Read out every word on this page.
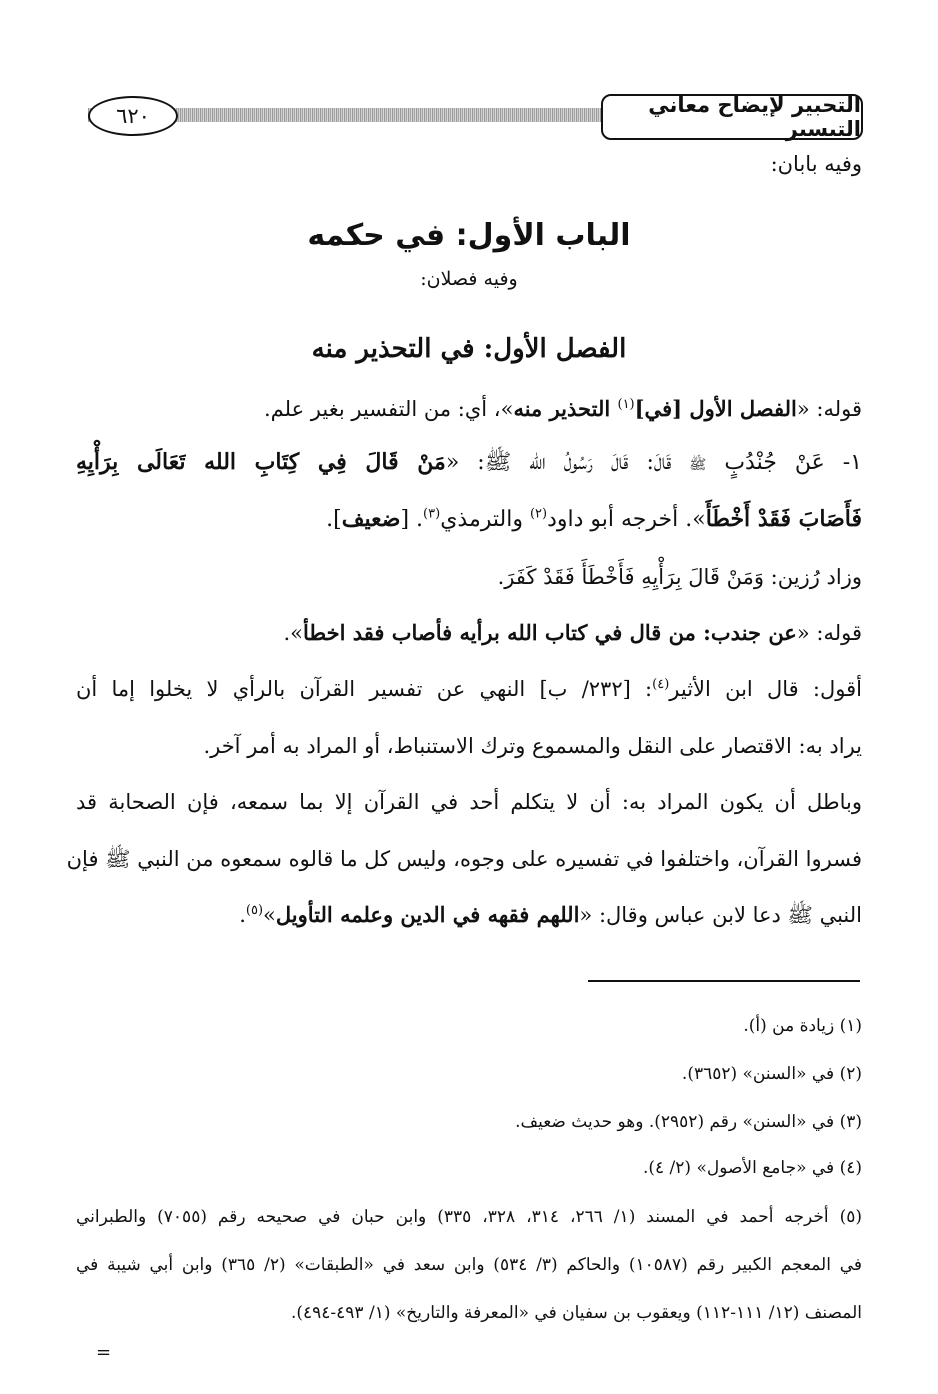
التحبير لإيضاح معاني التيسير
٦٢٠
وفيه بابان:
الباب الأول: في حكمه
وفيه فصلان:
الفصل الأول: في التحذير منه
قوله: «الفصل الأول [في]$^{(١)}$ التحذير منه»، أي: من التفسير بغير علم.
١- عَنْ جُنْدُبٍ ﷺ قَالَ: قَالَ رَسُولُ الله ﷺ: «مَنْ قَالَ فِي كِتَابِ الله تَعَالَى بِرَأْيِهِ
فَأَصَابَ فَقَدْ أَخْطَأَ». أخرجه أبو داود$^{(٢)}$ والترمذي$^{(٣)}$. [ضعيف].
وزاد رُزين: وَمَنْ قَالَ بِرَأْيِهِ فَأَخْطَأَ فَقَدْ كَفَرَ.
قوله: «عن جندب: من قال في كتاب الله برأيه فأصاب فقد اخطأ».
أقول: قال ابن الأثير$^{(٤)}$: [٢٣٢/ ب] النهي عن تفسير القرآن بالرأي لا يخلوا إما أن
يراد به: الاقتصار على النقل والمسموع وترك الاستنباط، أو المراد به أمر آخر.
وباطل أن يكون المراد به: أن لا يتكلم أحد في القرآن إلا بما سمعه، فإن الصحابة قد
فسروا القرآن، واختلفوا في تفسيره على وجوه، وليس كل ما قالوه سمعوه من النبي ﷺ فإن
النبي ﷺ دعا لابن عباس وقال: «اللهم فقهه في الدين وعلمه التأويل»$^{(٥)}$.
(١) زيادة من (أ).
(٢) في «السنن» (٣٦٥٢).
(٣) في «السنن» رقم (٢٩٥٢). وهو حديث ضعيف.
(٤) في «جامع الأصول» (٢/ ٤).
(٥) أخرجه أحمد في المسند (١/ ٢٦٦، ٣١٤، ٣٢٨، ٣٣٥) وابن حبان في صحيحه رقم (٧٠٥٥) والطبراني
في المعجم الكبير رقم (١٠٥٨٧) والحاكم (٣/ ٥٣٤) وابن سعد في «الطبقات» (٢/ ٣٦٥) وابن أبي شيبة في
المصنف (١٢/ ١١١-١١٢) ويعقوب بن سفيان في «المعرفة والتاريخ» (١/ ٤٩٣-٤٩٤).
=
